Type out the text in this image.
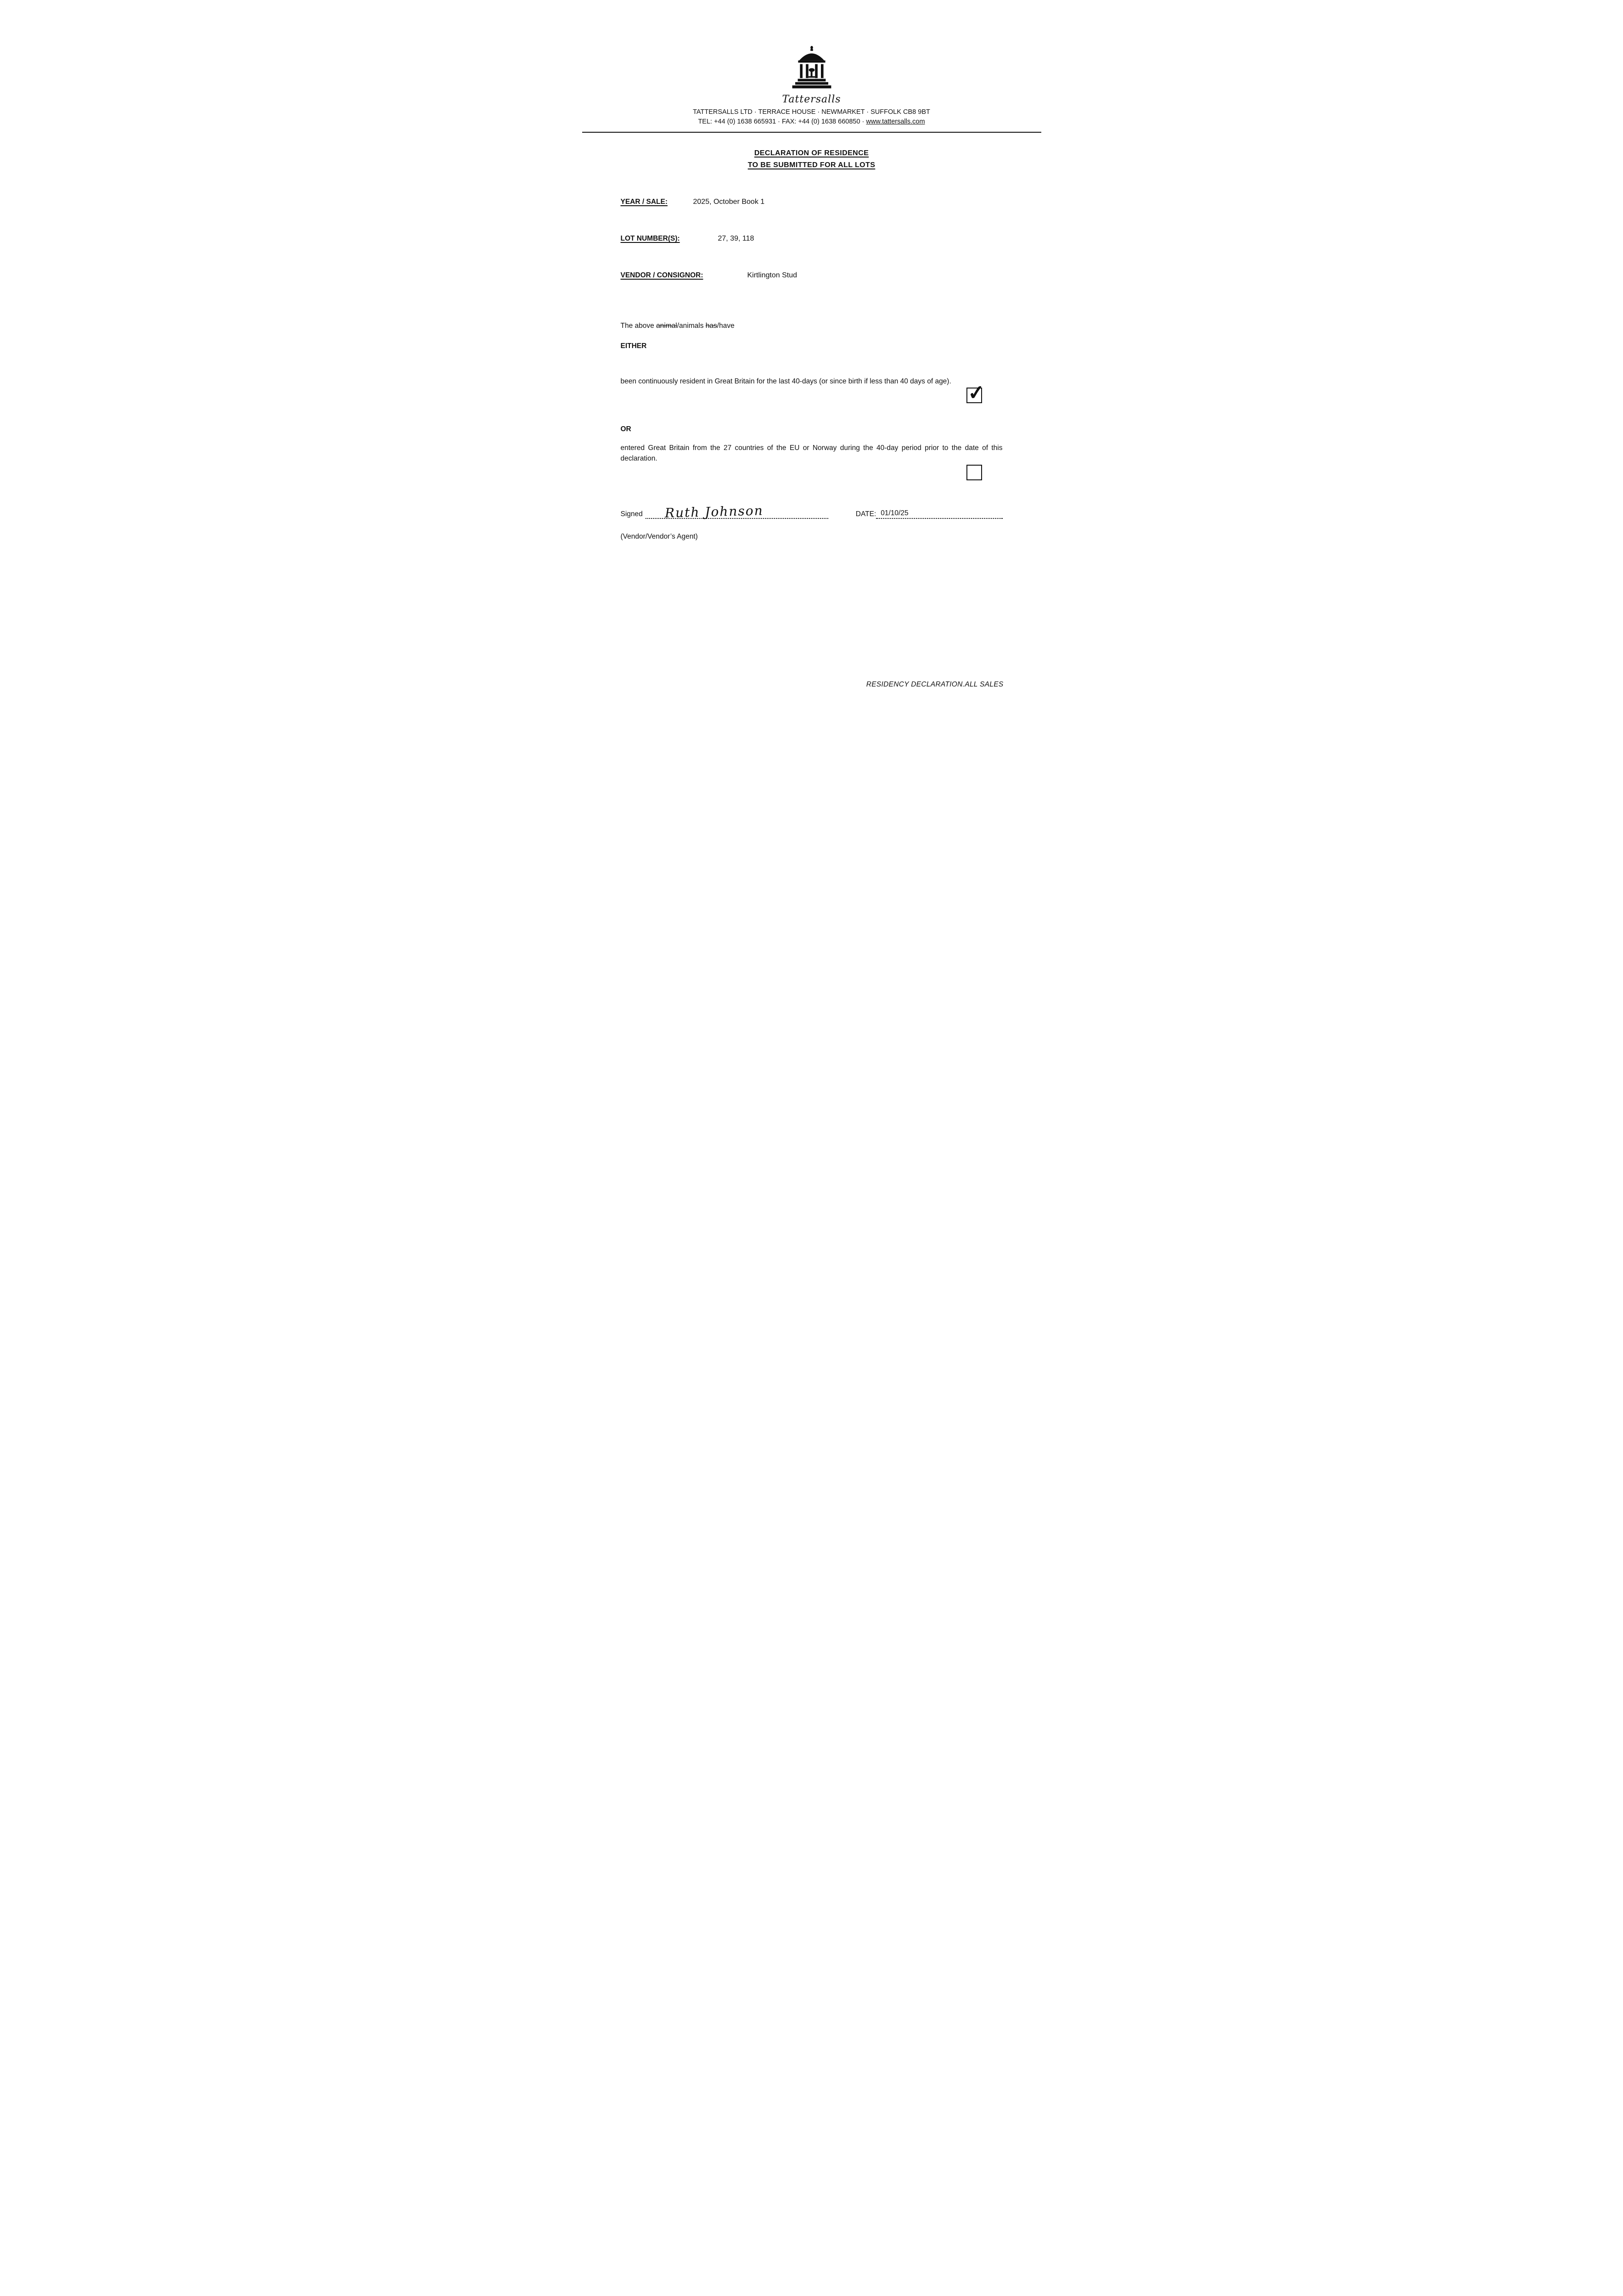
Tattersalls
TATTERSALLS LTD · TERRACE HOUSE · NEWMARKET · SUFFOLK CB8 9BT
TEL: +44 (0) 1638 665931 · FAX: +44 (0) 1638 660850 · www.tattersalls.com
DECLARATION OF RESIDENCE
TO BE SUBMITTED FOR ALL LOTS
YEAR / SALE:	2025, October Book 1
LOT NUMBER(S):	27, 39, 118
VENDOR / CONSIGNOR:	Kirtlington Stud

The above animal/animals has/have

EITHER

been continuously resident in Great Britain for the last 40-days (or since birth if less than 40 days of age). ✓

OR

entered Great Britain from the 27 countries of the EU or Norway during the 40-day period prior to the date of this declaration.

Signed Ruth Johnson	DATE: 01/10/25

(Vendor/Vendor’s Agent)

RESIDENCY DECLARATION.ALL SALES
